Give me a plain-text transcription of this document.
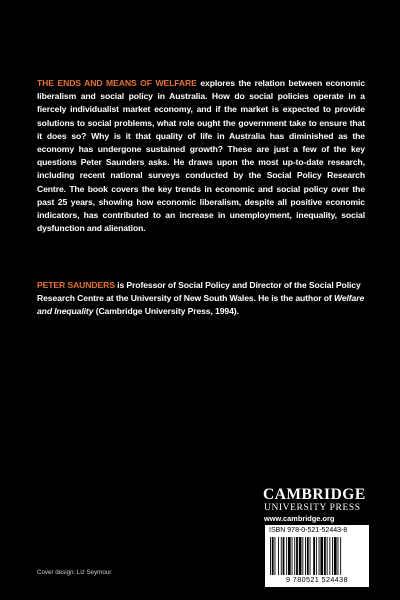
THE ENDS AND MEANS OF WELFARE explores the relation between economic liberalism and social policy in Australia. How do social policies operate in a fiercely individualist market economy, and if the market is expected to provide solutions to social problems, what role ought the government take to ensure that it does so? Why is it that quality of life in Australia has diminished as the economy has undergone sustained growth? These are just a few of the key questions Peter Saunders asks. He draws upon the most up-to-date research, including recent national surveys conducted by the Social Policy Research Centre. The book covers the key trends in economic and social policy over the past 25 years, showing how economic liberalism, despite all positive economic indicators, has contributed to an increase in unemployment, inequality, social dysfunction and alienation.

PETER SAUNDERS is Professor of Social Policy and Director of the Social Policy Research Centre at the University of New South Wales. He is the author of Welfare and Inequality (Cambridge University Press, 1994).

CAMBRIDGE
UNIVERSITY PRESS
www.cambridge.org
ISBN 978-0-521-52443-8
9 780521 524438
Cover design: Liz Seymour
